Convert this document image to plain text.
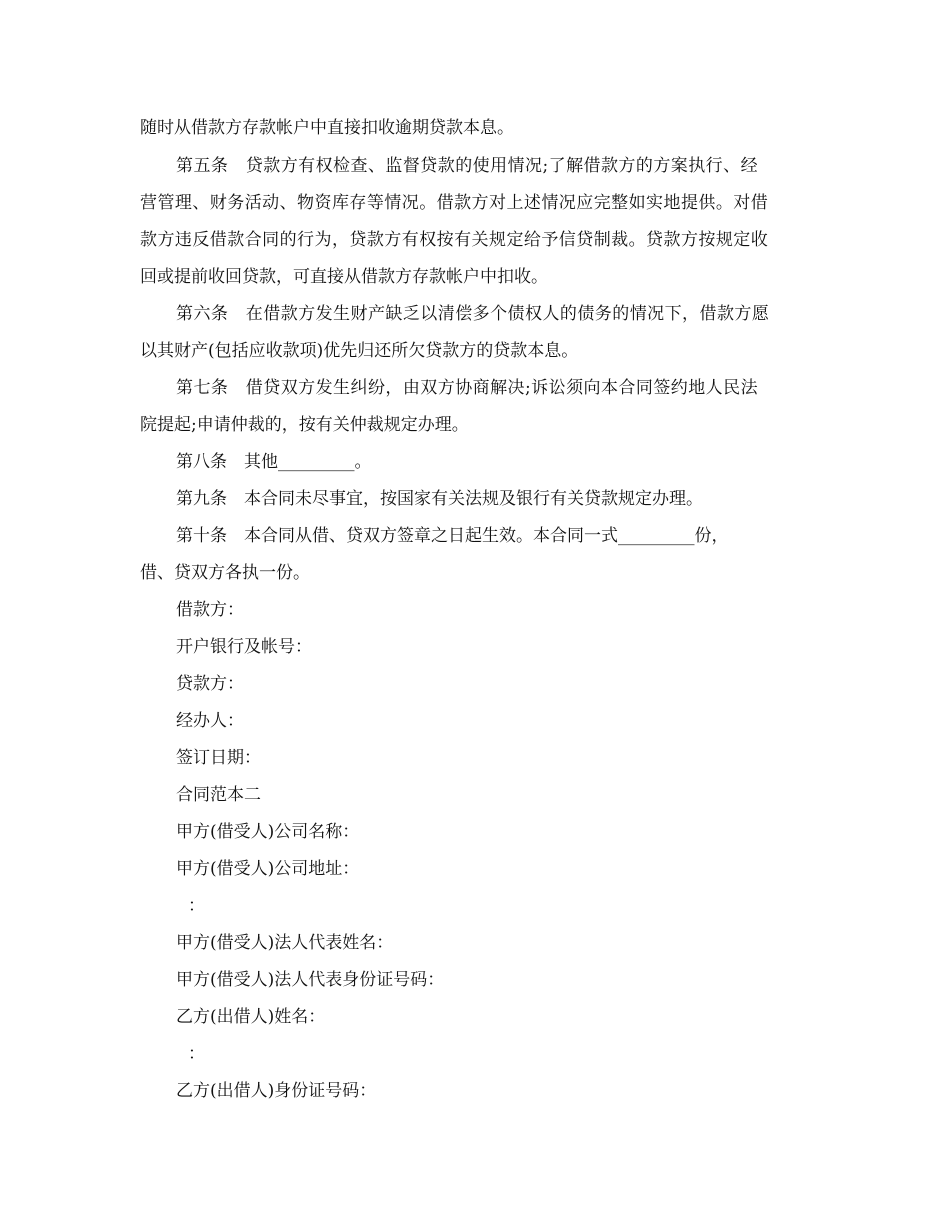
随时从借款方存款帐户中直接扣收逾期贷款本息。
第五条　贷款方有权检查、监督贷款的使用情况;了解借款方的方案执行、经
营管理、财务活动、物资库存等情况。借款方对上述情况应完整如实地提供。对借
款方违反借款合同的行为，贷款方有权按有关规定给予信贷制裁。贷款方按规定收
回或提前收回贷款，可直接从借款方存款帐户中扣收。
第六条　在借款方发生财产缺乏以清偿多个债权人的债务的情况下，借款方愿
以其财产(包括应收款项)优先归还所欠贷款方的贷款本息。
第七条　借贷双方发生纠纷，由双方协商解决;诉讼须向本合同签约地人民法
院提起;申请仲裁的，按有关仲裁规定办理。
第八条　其他_________。
第九条　本合同未尽事宜，按国家有关法规及银行有关贷款规定办理。
第十条　本合同从借、贷双方签章之日起生效。本合同一式_________份，
借、贷双方各执一份。
借款方：
开户银行及帐号：
贷款方：
经办人：
签订日期：
合同范本二
甲方(借受人)公司名称：
甲方(借受人)公司地址：
：
甲方(借受人)法人代表姓名：
甲方(借受人)法人代表身份证号码：
乙方(出借人)姓名：
：
乙方(出借人)身份证号码：
